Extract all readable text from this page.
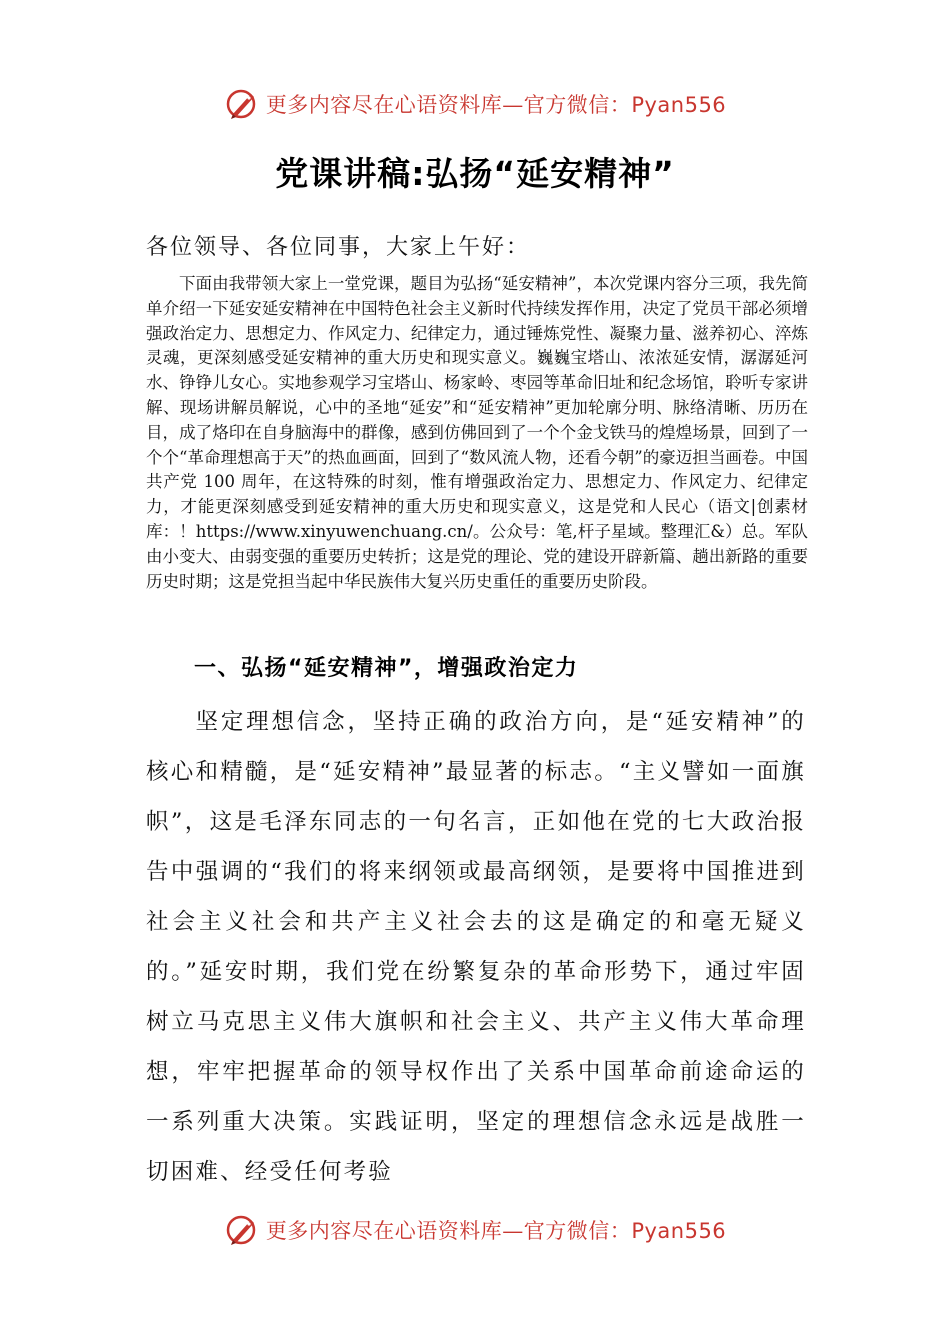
更多内容尽在心语资料库—官方微信：Pyan556
党课讲稿:弘扬“延安精神”
各位领导、各位同事，大家上午好：

下面由我带领大家上一堂党课，题目为弘扬“延安精神”，本次党课内容分三项，我先简单介绍一下延安延安精神在中国特色社会主义新时代持续发挥作用，决定了党员干部必须增强政治定力、思想定力、作风定力、纪律定力，通过锤炼党性、凝聚力量、滋养初心、淬炼灵魂，更深刻感受延安精神的重大历史和现实意义。巍巍宝塔山、浓浓延安情，潺潺延河水、铮铮儿女心。实地参观学习宝塔山、杨家岭、枣园等革命旧址和纪念场馆，聆听专家讲解、现场讲解员解说，心中的圣地“延安”和“延安精神”更加轮廓分明、脉络清晰、历历在目，成了烙印在自身脑海中的群像，感到仿佛回到了一个个金戈铁马的煌煌场景，回到了一个个“革命理想高于天”的热血画面，回到了“数风流人物，还看今朝”的豪迈担当画卷。中国共产党 100 周年，在这特殊的时刻，惟有增强政治定力、思想定力、作风定力、纪律定力，才能更深刻感受到延安精神的重大历史和现实意义，这是党和人民心（语文|创素材库：！https://www.xinyuwenchuang.cn/。公众号：笔,杆子星域。整理汇&）总。军队由小变大、由弱变强的重要历史转折；这是党的理论、党的建设开辟新篇、趟出新路的重要历史时期；这是党担当起中华民族伟大复兴历史重任的重要历史阶段。

一、弘扬“延安精神”，增强政治定力

坚定理想信念，坚持正确的政治方向，是“延安精神”的核心和精髓，是“延安精神”最显著的标志。“主义譬如一面旗帜”，这是毛泽东同志的一句名言，正如他在党的七大政治报告中强调的“我们的将来纲领或最高纲领，是要将中国推进到社会主义社会和共产主义社会去的这是确定的和毫无疑义的。”延安时期，我们党在纷繁复杂的革命形势下，通过牢固树立马克思主义伟大旗帜和社会主义、共产主义伟大革命理想，牢牢把握革命的领导权作出了关系中国革命前途命运的一系列重大决策。实践证明，坚定的理想信念永远是战胜一切困难、经受任何考验

更多内容尽在心语资料库—官方微信：Pyan556
